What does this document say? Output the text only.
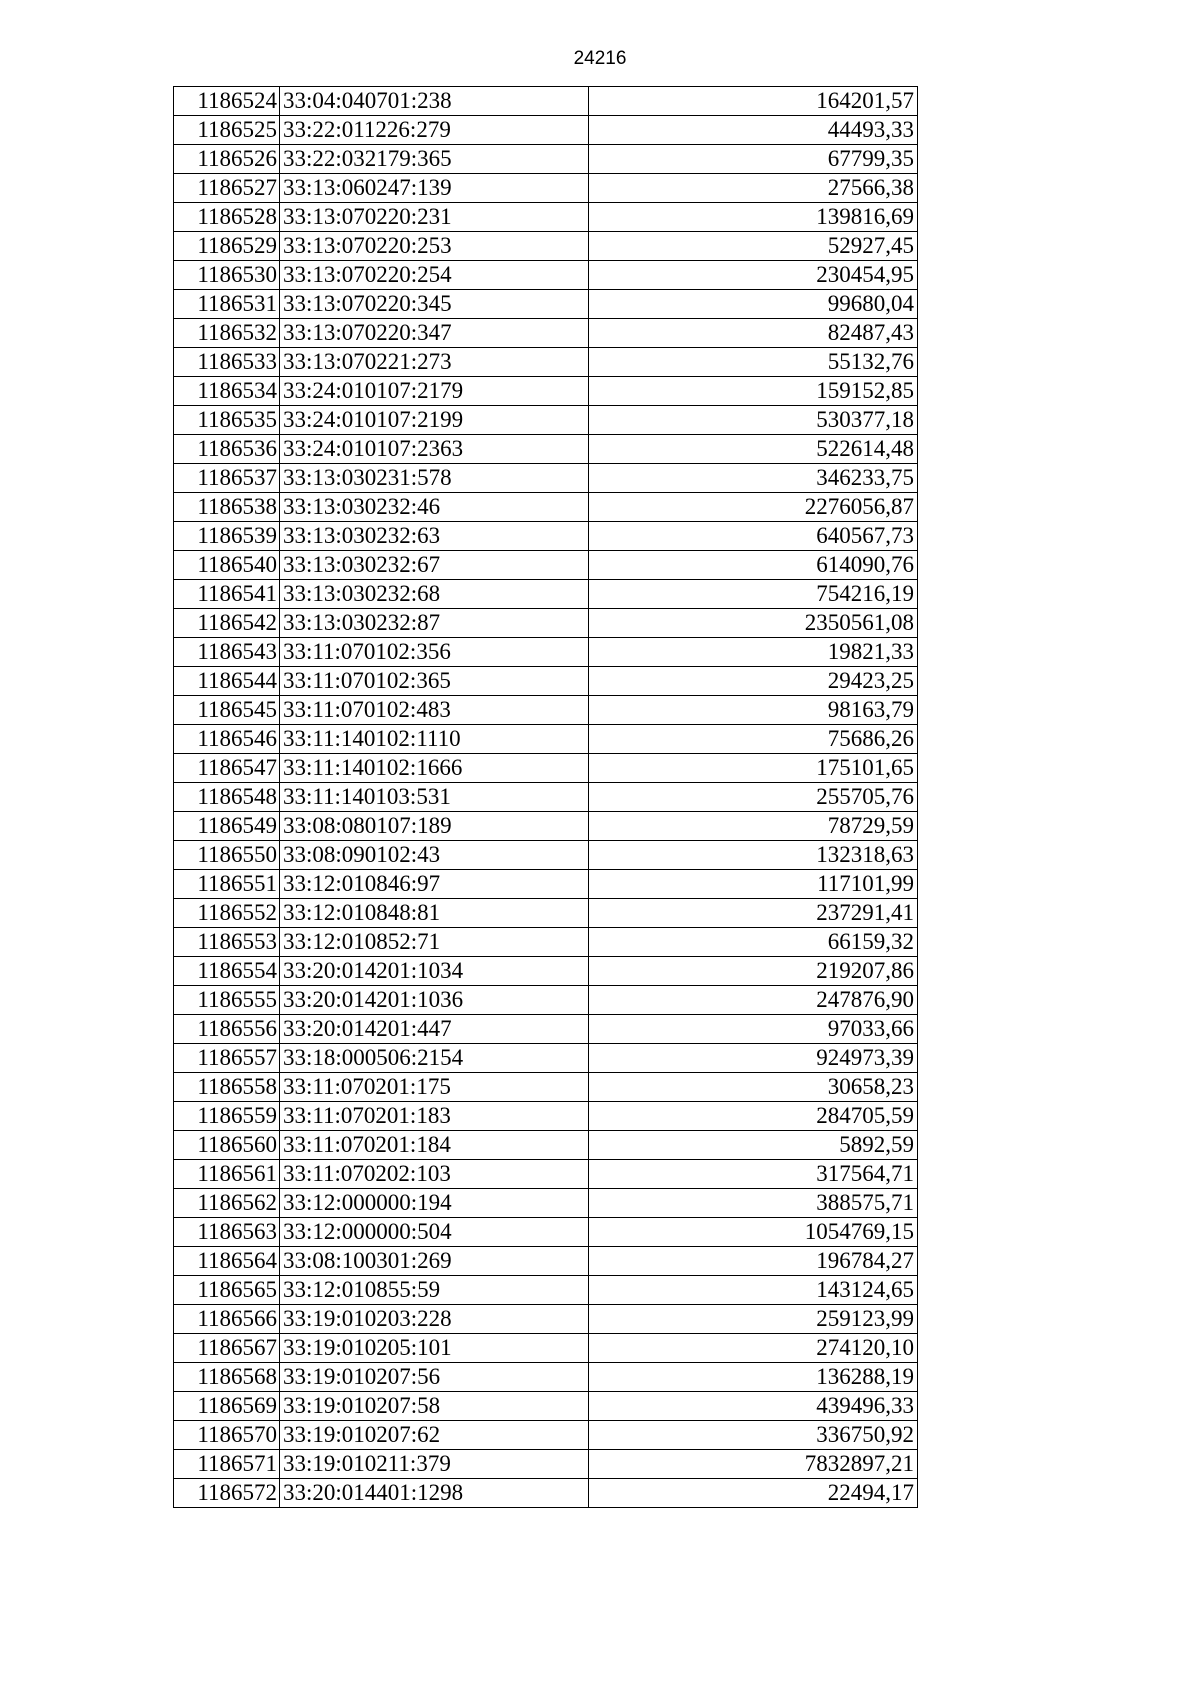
24216
1186524	33:04:040701:238	164201,57
1186525	33:22:011226:279	44493,33
1186526	33:22:032179:365	67799,35
1186527	33:13:060247:139	27566,38
1186528	33:13:070220:231	139816,69
1186529	33:13:070220:253	52927,45
1186530	33:13:070220:254	230454,95
1186531	33:13:070220:345	99680,04
1186532	33:13:070220:347	82487,43
1186533	33:13:070221:273	55132,76
1186534	33:24:010107:2179	159152,85
1186535	33:24:010107:2199	530377,18
1186536	33:24:010107:2363	522614,48
1186537	33:13:030231:578	346233,75
1186538	33:13:030232:46	2276056,87
1186539	33:13:030232:63	640567,73
1186540	33:13:030232:67	614090,76
1186541	33:13:030232:68	754216,19
1186542	33:13:030232:87	2350561,08
1186543	33:11:070102:356	19821,33
1186544	33:11:070102:365	29423,25
1186545	33:11:070102:483	98163,79
1186546	33:11:140102:1110	75686,26
1186547	33:11:140102:1666	175101,65
1186548	33:11:140103:531	255705,76
1186549	33:08:080107:189	78729,59
1186550	33:08:090102:43	132318,63
1186551	33:12:010846:97	117101,99
1186552	33:12:010848:81	237291,41
1186553	33:12:010852:71	66159,32
1186554	33:20:014201:1034	219207,86
1186555	33:20:014201:1036	247876,90
1186556	33:20:014201:447	97033,66
1186557	33:18:000506:2154	924973,39
1186558	33:11:070201:175	30658,23
1186559	33:11:070201:183	284705,59
1186560	33:11:070201:184	5892,59
1186561	33:11:070202:103	317564,71
1186562	33:12:000000:194	388575,71
1186563	33:12:000000:504	1054769,15
1186564	33:08:100301:269	196784,27
1186565	33:12:010855:59	143124,65
1186566	33:19:010203:228	259123,99
1186567	33:19:010205:101	274120,10
1186568	33:19:010207:56	136288,19
1186569	33:19:010207:58	439496,33
1186570	33:19:010207:62	336750,92
1186571	33:19:010211:379	7832897,21
1186572	33:20:014401:1298	22494,17
